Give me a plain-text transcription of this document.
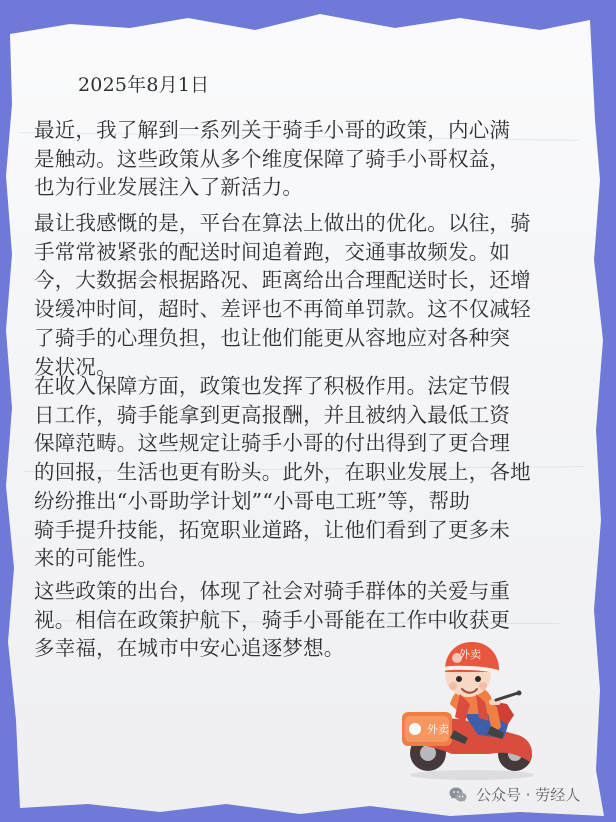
2025年8月1日

最近，我了解到一系列关于骑手小哥的政策，内心满
是触动。这些政策从多个维度保障了骑手小哥权益，
也为行业发展注入了新活力。

最让我感慨的是，平台在算法上做出的优化。以往，骑
手常常被紧张的配送时间追着跑，交通事故频发。如
今，大数据会根据路况、距离给出合理配送时长，还增
设缓冲时间，超时、差评也不再简单罚款。这不仅减轻
了骑手的心理负担，也让他们能更从容地应对各种突
发状况。

在收入保障方面，政策也发挥了积极作用。法定节假
日工作，骑手能拿到更高报酬，并且被纳入最低工资
保障范畴。这些规定让骑手小哥的付出得到了更合理
的回报，生活也更有盼头。此外，在职业发展上，各地
纷纷推出“小哥助学计划”“小哥电工班”等，帮助
骑手提升技能，拓宽职业道路，让他们看到了更多未
来的可能性。

这些政策的出台，体现了社会对骑手群体的关爱与重
视。相信在政策护航下，骑手小哥能在工作中收获更
多幸福，在城市中安心追逐梦想。

外卖
外卖
公众号 · 劳经人
